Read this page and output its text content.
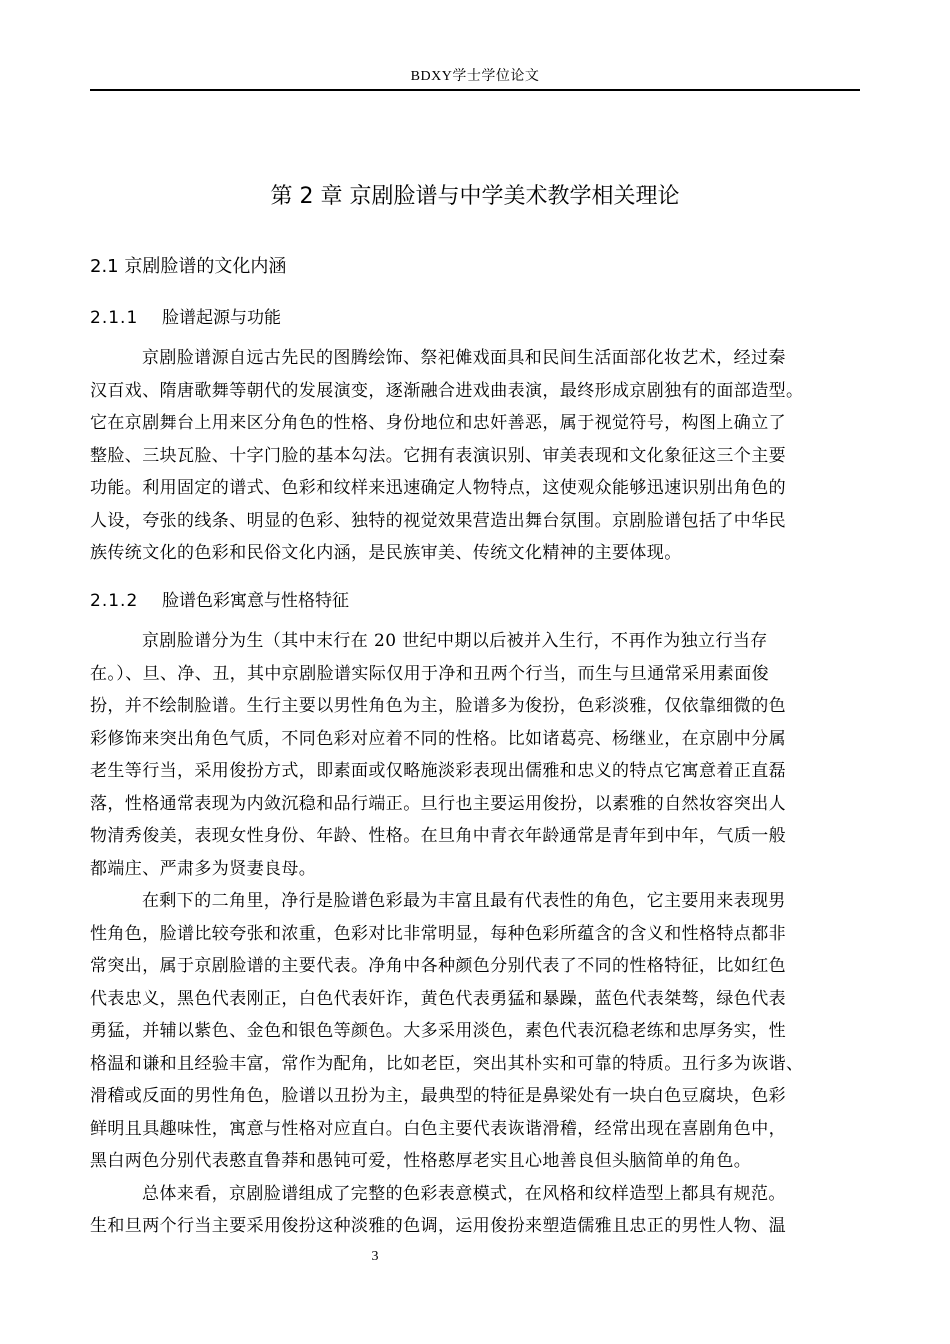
BDXY学士学位论文
第 2 章 京剧脸谱与中学美术教学相关理论
2.1 京剧脸谱的文化内涵
2.1.1 脸谱起源与功能
京剧脸谱源自远古先民的图腾绘饰、祭祀傩戏面具和民间生活面部化妆艺术，经过秦
汉百戏、隋唐歌舞等朝代的发展演变，逐渐融合进戏曲表演，最终形成京剧独有的面部造型。
它在京剧舞台上用来区分角色的性格、身份地位和忠奸善恶，属于视觉符号，构图上确立了
整脸、三块瓦脸、十字门脸的基本勾法。它拥有表演识别、审美表现和文化象征这三个主要
功能。利用固定的谱式、色彩和纹样来迅速确定人物特点，这使观众能够迅速识别出角色的
人设，夸张的线条、明显的色彩、独特的视觉效果营造出舞台氛围。京剧脸谱包括了中华民
族传统文化的色彩和民俗文化内涵，是民族审美、传统文化精神的主要体现。
2.1.2 脸谱色彩寓意与性格特征
京剧脸谱分为生（其中末行在 20 世纪中期以后被并入生行，不再作为独立行当存
在。）、旦、净、丑，其中京剧脸谱实际仅用于净和丑两个行当，而生与旦通常采用素面俊
扮，并不绘制脸谱。生行主要以男性角色为主，脸谱多为俊扮，色彩淡雅，仅依靠细微的色
彩修饰来突出角色气质，不同色彩对应着不同的性格。比如诸葛亮、杨继业，在京剧中分属
老生等行当，采用俊扮方式，即素面或仅略施淡彩表现出儒雅和忠义的特点它寓意着正直磊
落，性格通常表现为内敛沉稳和品行端正。旦行也主要运用俊扮，以素雅的自然妆容突出人
物清秀俊美，表现女性身份、年龄、性格。在旦角中青衣年龄通常是青年到中年，气质一般
都端庄、严肃多为贤妻良母。
在剩下的二角里，净行是脸谱色彩最为丰富且最有代表性的角色，它主要用来表现男
性角色，脸谱比较夸张和浓重，色彩对比非常明显，每种色彩所蕴含的含义和性格特点都非
常突出，属于京剧脸谱的主要代表。净角中各种颜色分别代表了不同的性格特征，比如红色
代表忠义，黑色代表刚正，白色代表奸诈，黄色代表勇猛和暴躁，蓝色代表桀骜，绿色代表
勇猛，并辅以紫色、金色和银色等颜色。大多采用淡色，素色代表沉稳老练和忠厚务实，性
格温和谦和且经验丰富，常作为配角，比如老臣，突出其朴实和可靠的特质。丑行多为诙谐、
滑稽或反面的男性角色，脸谱以丑扮为主，最典型的特征是鼻梁处有一块白色豆腐块，色彩
鲜明且具趣味性，寓意与性格对应直白。白色主要代表诙谐滑稽，经常出现在喜剧角色中，
黑白两色分别代表憨直鲁莽和愚钝可爱，性格憨厚老实且心地善良但头脑简单的角色。
总体来看，京剧脸谱组成了完整的色彩表意模式，在风格和纹样造型上都具有规范。
生和旦两个行当主要采用俊扮这种淡雅的色调，运用俊扮来塑造儒雅且忠正的男性人物、温
3
